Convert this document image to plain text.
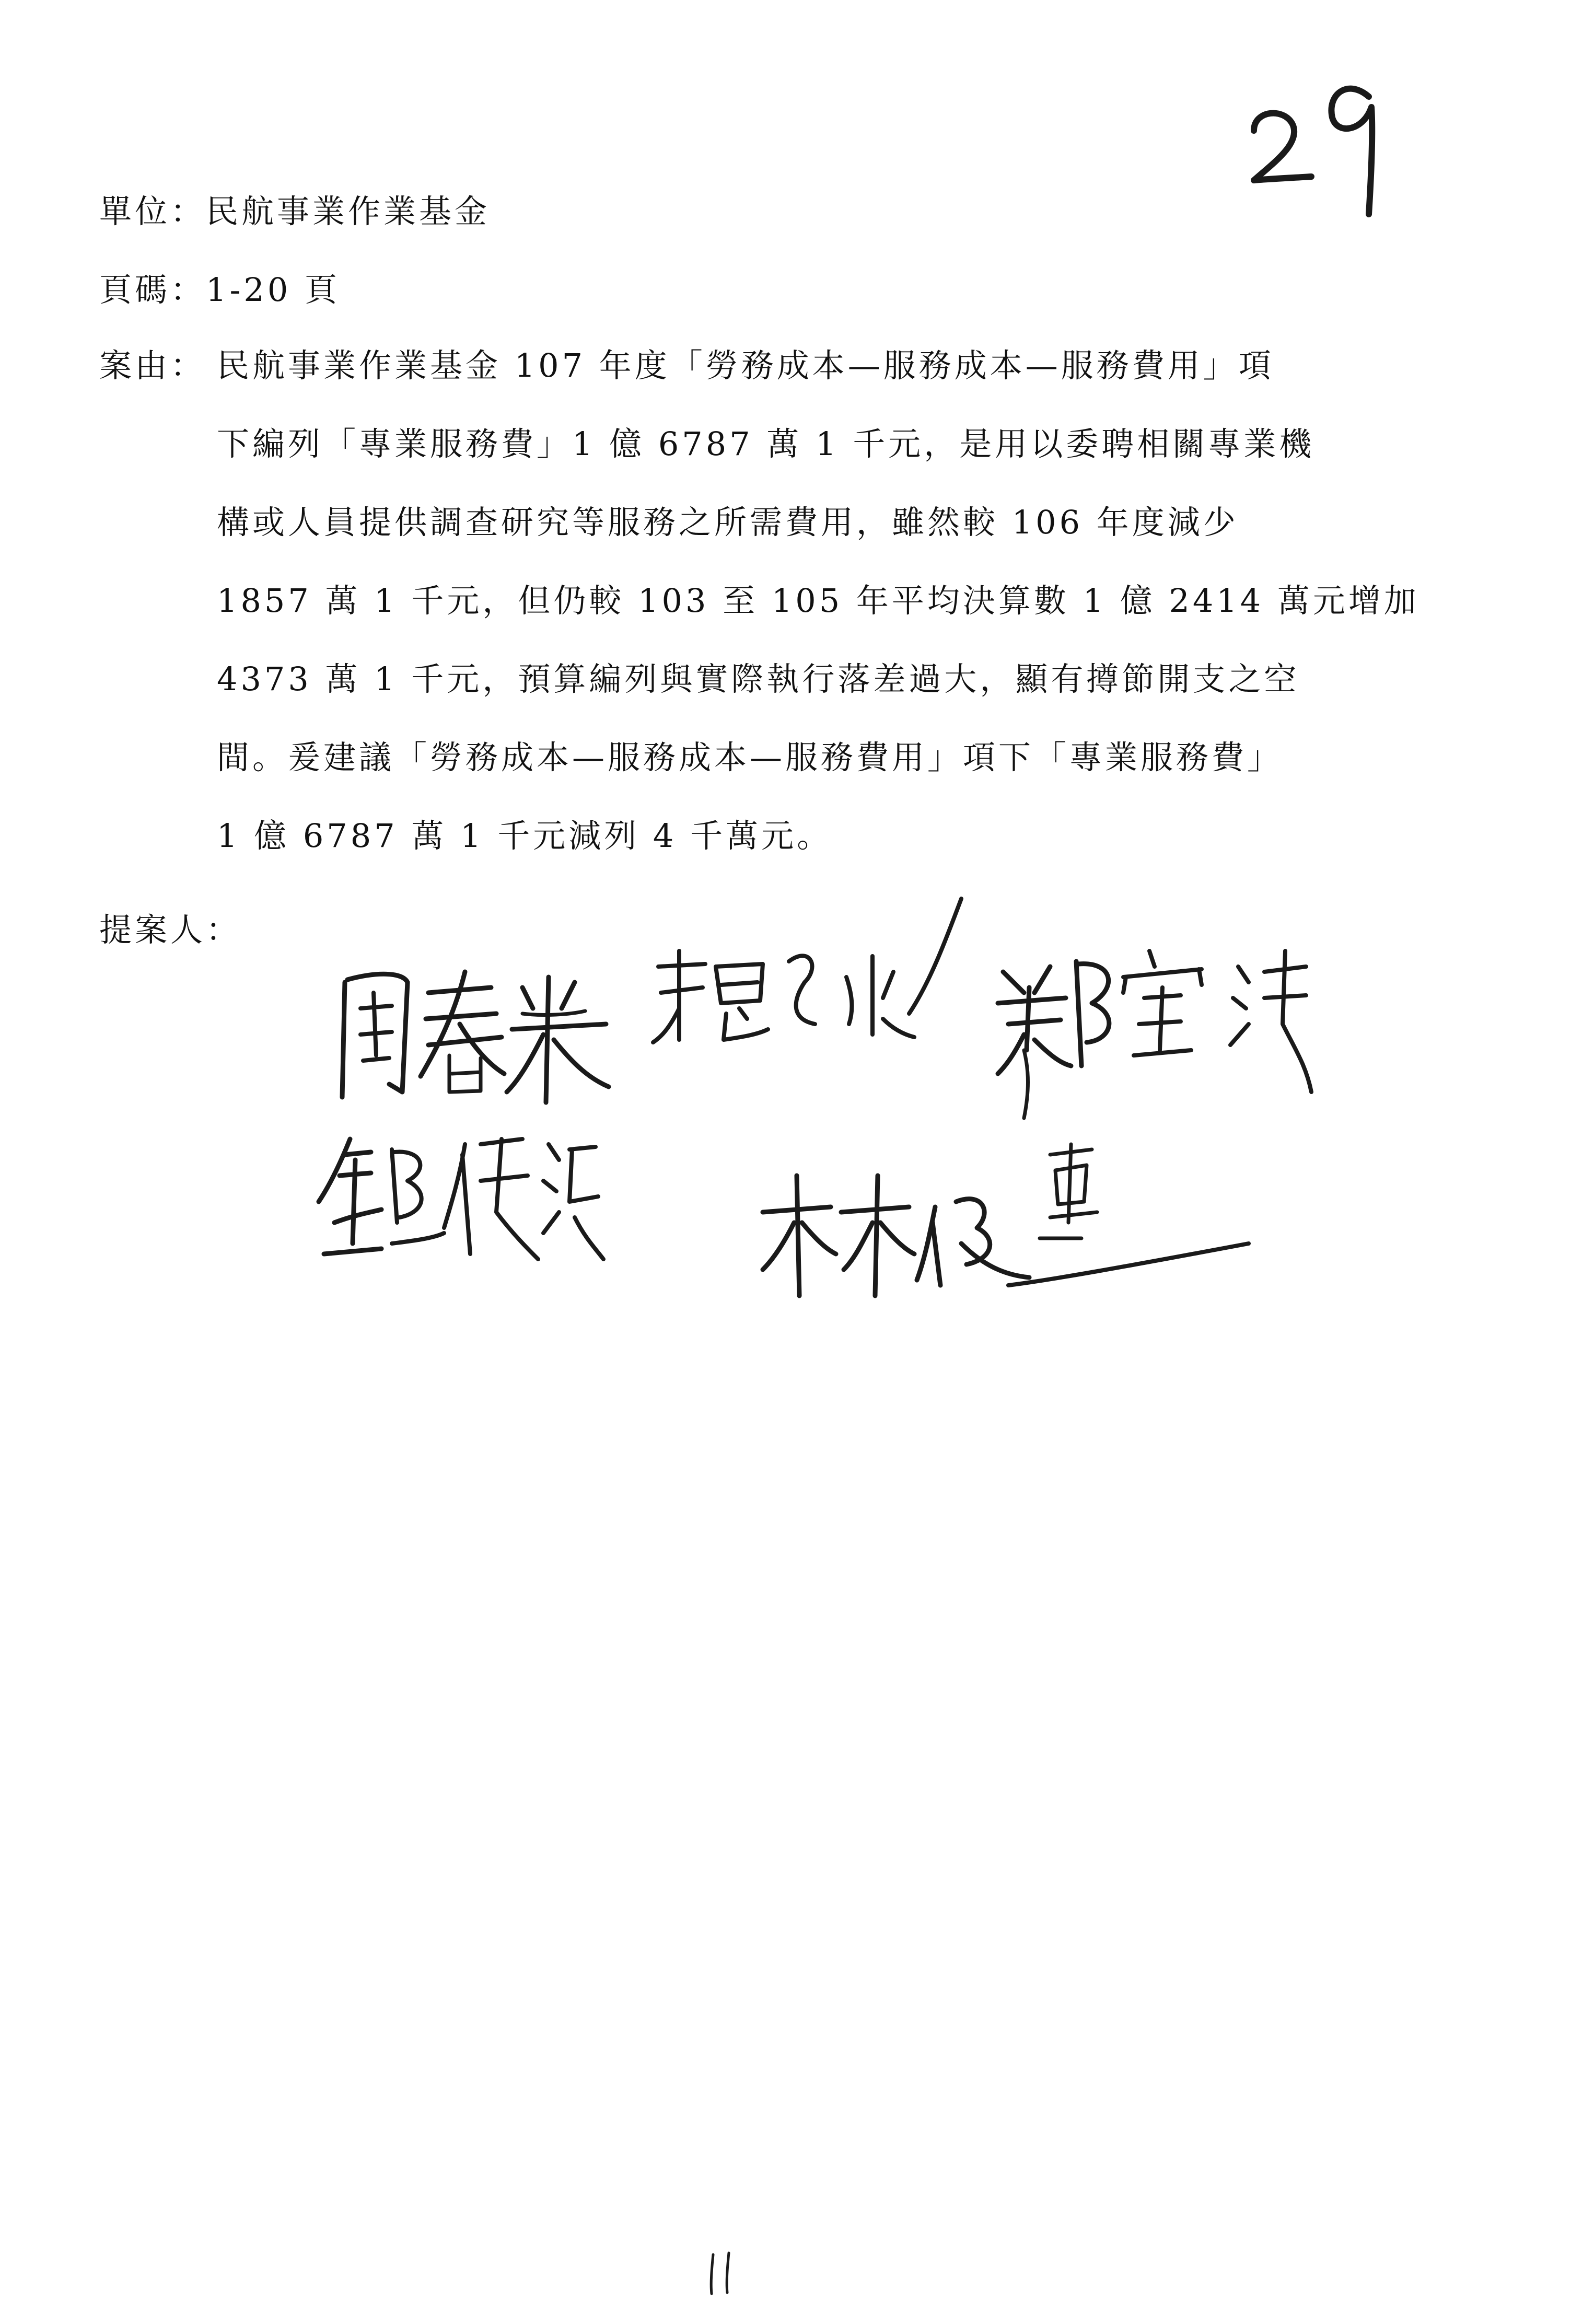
單位：民航事業作業基金
頁碼：1-20 頁
案由： 民航事業作業基金 107 年度「勞務成本—服務成本—服務費用」項
下編列「專業服務費」1 億 6787 萬 1 千元，是用以委聘相關專業機
構或人員提供調查研究等服務之所需費用，雖然較 106 年度減少
1857 萬 1 千元，但仍較 103 至 105 年平均決算數 1 億 2414 萬元增加
4373 萬 1 千元，預算編列與實際執行落差過大，顯有撙節開支之空
間。爰建議「勞務成本—服務成本—服務費用」項下「專業服務費」
1 億 6787 萬 1 千元減列 4 千萬元。
提案人：
